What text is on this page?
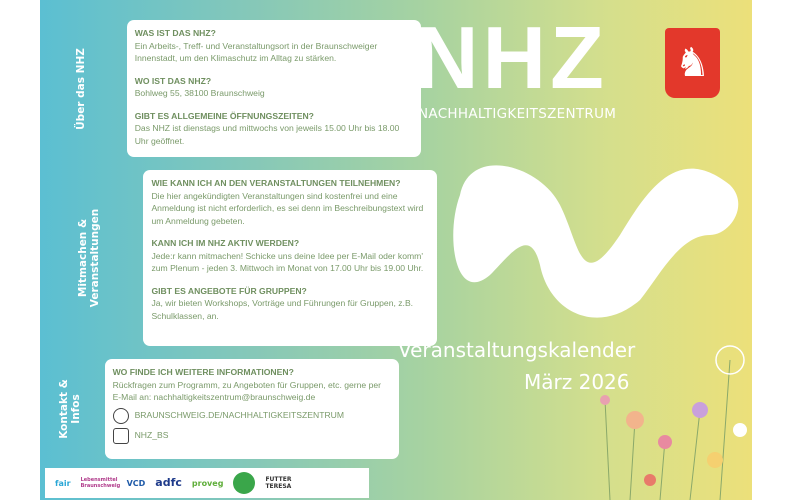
Über das NHZ
WAS IST DAS NHZ?

Ein Arbeits-, Treff- und Veranstaltungsort in der Braunschweiger Innenstadt, um den Klimaschutz im Alltag zu stärken.

WO IST DAS NHZ?

Bohlweg 55, 38100 Braunschweig

GIBT ES ALLGEMEINE ÖFFNUNGSZEITEN?

Das NHZ ist dienstags und mittwochs von jeweils 15.00 Uhr bis 18.00 Uhr geöffnet.

Mitmachen & Veranstaltungen
WIE KANN ICH AN DEN VERANSTALTUNGEN TEILNEHMEN?

Die hier angekündigten Veranstaltungen sind kostenfrei und eine Anmeldung ist nicht erforderlich, es sei denn im Beschreibungstext wird um Anmeldung gebeten.

KANN ICH IM NHZ AKTIV WERDEN?

Jede:r kann mitmachen! Schicke uns deine Idee per E-Mail oder komm' zum Plenum - jeden 3. Mittwoch im Monat von 17.00 Uhr bis 19.00 Uhr.

GIBT ES ANGEBOTE FÜR GRUPPEN?

Ja, wir bieten Workshops, Vorträge und Führungen für Gruppen, z.B. Schulklassen, an.

Kontakt & Infos
WO FINDE ICH WEITERE INFORMATIONEN?

Rückfragen zum Programm, zu Angeboten für Gruppen, etc. gerne per E-Mail an: nachhaltigkeitszentrum@braunschweig.de

BRAUNSCHWEIG.DE/NACHHALTIGKEITSZENTRUM
NHZ_BS
fair Lebensmittel Braunschweig VCD adfc proveg	FUTTER TERESA
NHZ ♞
NACHHALTIGKEITSZENTRUM
Veranstaltungskalender
März 2026
